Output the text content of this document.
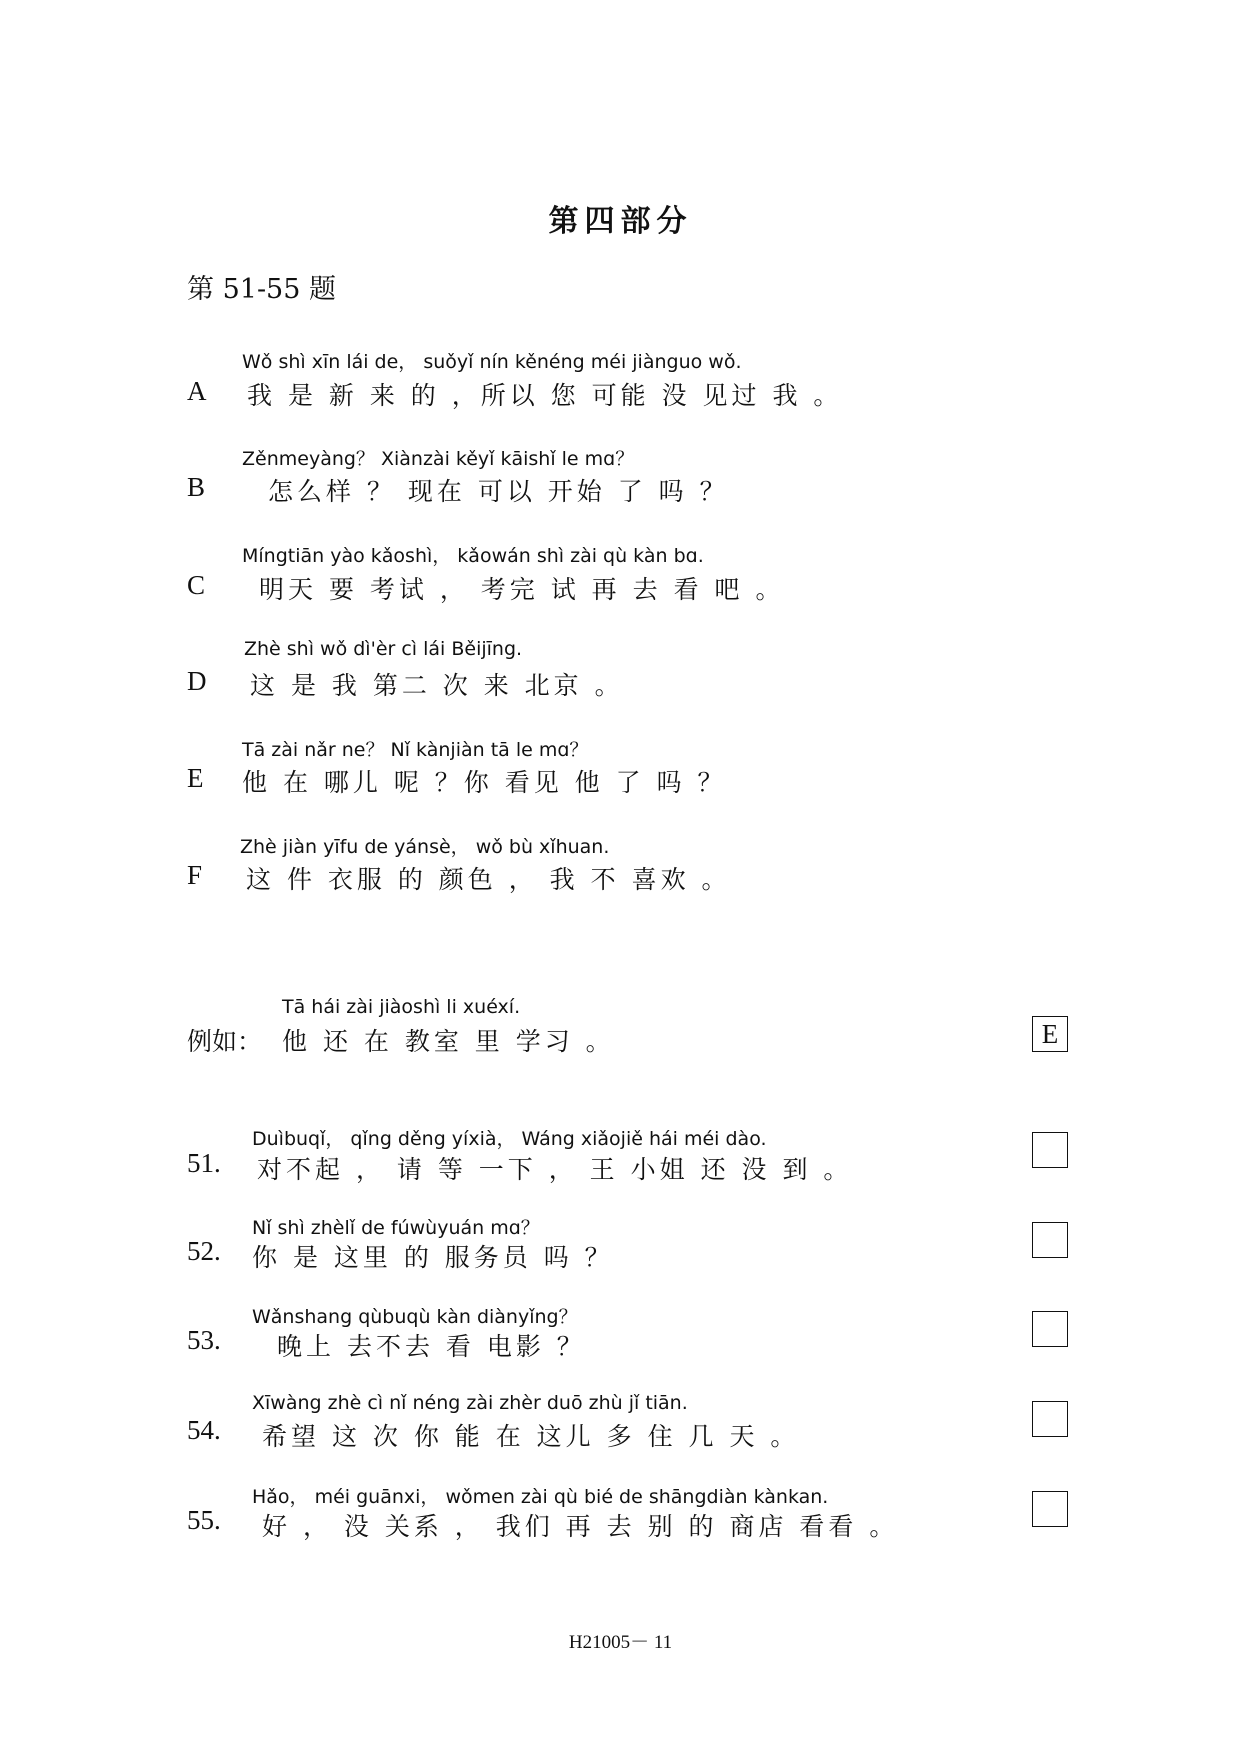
第四部分
第 51-55 题
Wǒ shì xīn lái de， suǒyǐ nín kěnéng méi jiànguo wǒ.
A 我 是 新 来 的 ，所以 您 可能 没 见过 我 。
Zěnmeyàng？ Xiànzài kěyǐ kāishǐ le mɑ？
B	怎么样 ？ 现在 可以 开始 了 吗 ？
Míngtiān yào kǎoshì， kǎowán shì zài qù kàn bɑ.
C 明天 要 考试 ， 考完 试 再 去 看 吧 。
Zhè shì wǒ dì'èr cì lái Běijīng.
D 这 是 我 第二 次 来 北京 。
Tā zài nǎr ne？ Nǐ kànjiàn tā le mɑ？
E 他 在 哪儿 呢 ？你 看见 他 了 吗 ？
Zhè jiàn yīfu de yánsè， wǒ bù xǐhuan.
F 这 件 衣服 的 颜色 ， 我 不 喜欢 。
Tā hái zài jiàoshì li xuéxí.
例如： 他 还 在 教室 里 学习 。	E
Duìbuqǐ， qǐng děng yíxià， Wáng xiǎojiě hái méi dào.
51. 对不起 ， 请 等 一下 ， 王 小姐 还 没 到 。
Nǐ shì zhèlǐ de fúwùyuán mɑ？
52. 你 是 这里 的 服务员 吗 ？
Wǎnshang qùbuqù kàn diànyǐng？
53. 晚上 去不去 看 电影 ？
Xīwàng zhè cì nǐ néng zài zhèr duō zhù jǐ tiān.
54. 希望 这 次 你 能 在 这儿 多 住 几 天 。
Hǎo， méi guānxi， wǒmen zài qù bié de shāngdiàn kànkan.
55. 好 ， 没 关系 ， 我们 再 去 别 的 商店 看看 。
H21005－ 11
